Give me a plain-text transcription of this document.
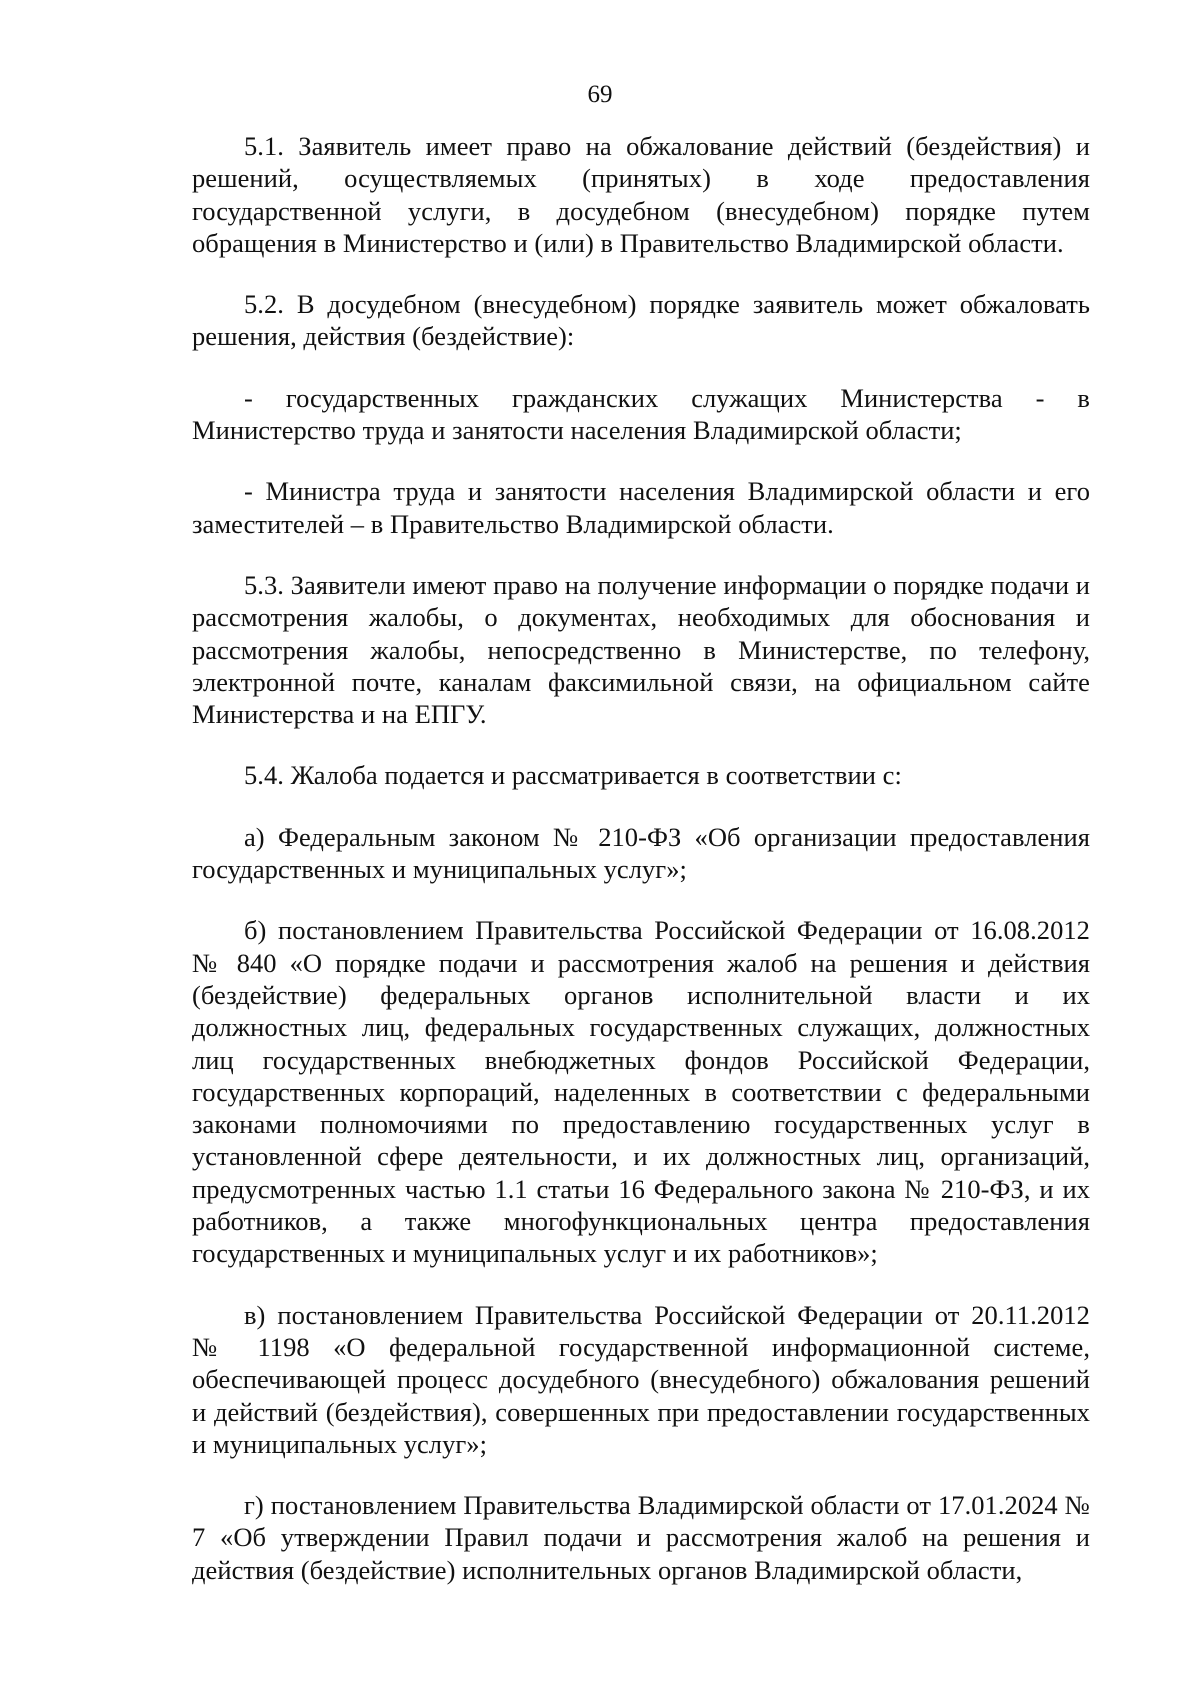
69

5.1. Заявитель имеет право на обжалование действий (бездействия) и решений, осуществляемых (принятых) в ходе предоставления государственной услуги, в досудебном (внесудебном) порядке путем обращения в Министерство и (или) в Правительство Владимирской области.

5.2. В досудебном (внесудебном) порядке заявитель может обжаловать решения, действия (бездействие):

- государственных гражданских служащих Министерства - в Министерство труда и занятости населения Владимирской области;

- Министра труда и занятости населения Владимирской области и его заместителей – в Правительство Владимирской области.

5.3. Заявители имеют право на получение информации о порядке подачи и рассмотрения жалобы, о документах, необходимых для обоснования и рассмотрения жалобы, непосредственно в Министерстве, по телефону, электронной почте, каналам факсимильной связи, на официальном сайте Министерства и на ЕПГУ.

5.4. Жалоба подается и рассматривается в соответствии с:

а) Федеральным законом № 210-ФЗ «Об организации предоставления государственных и муниципальных услуг»;

б) постановлением Правительства Российской Федерации от 16.08.2012 № 840 «О порядке подачи и рассмотрения жалоб на решения и действия (бездействие) федеральных органов исполнительной власти и их должностных лиц, федеральных государственных служащих, должностных лиц государственных внебюджетных фондов Российской Федерации, государственных корпораций, наделенных в соответствии с федеральными законами полномочиями по предоставлению государственных услуг в установленной сфере деятельности, и их должностных лиц, организаций, предусмотренных частью 1.1 статьи 16 Федерального закона № 210-ФЗ, и их работников, а также многофункциональных центра предоставления государственных и муниципальных услуг и их работников»;

в) постановлением Правительства Российской Федерации от 20.11.2012 № 1198 «О федеральной государственной информационной системе, обеспечивающей процесс досудебного (внесудебного) обжалования решений и действий (бездействия), совершенных при предоставлении государственных и муниципальных услуг»;

г) постановлением Правительства Владимирской области от 17.01.2024 № 7 «Об утверждении Правил подачи и рассмотрения жалоб на решения и действия (бездействие) исполнительных органов Владимирской области,
